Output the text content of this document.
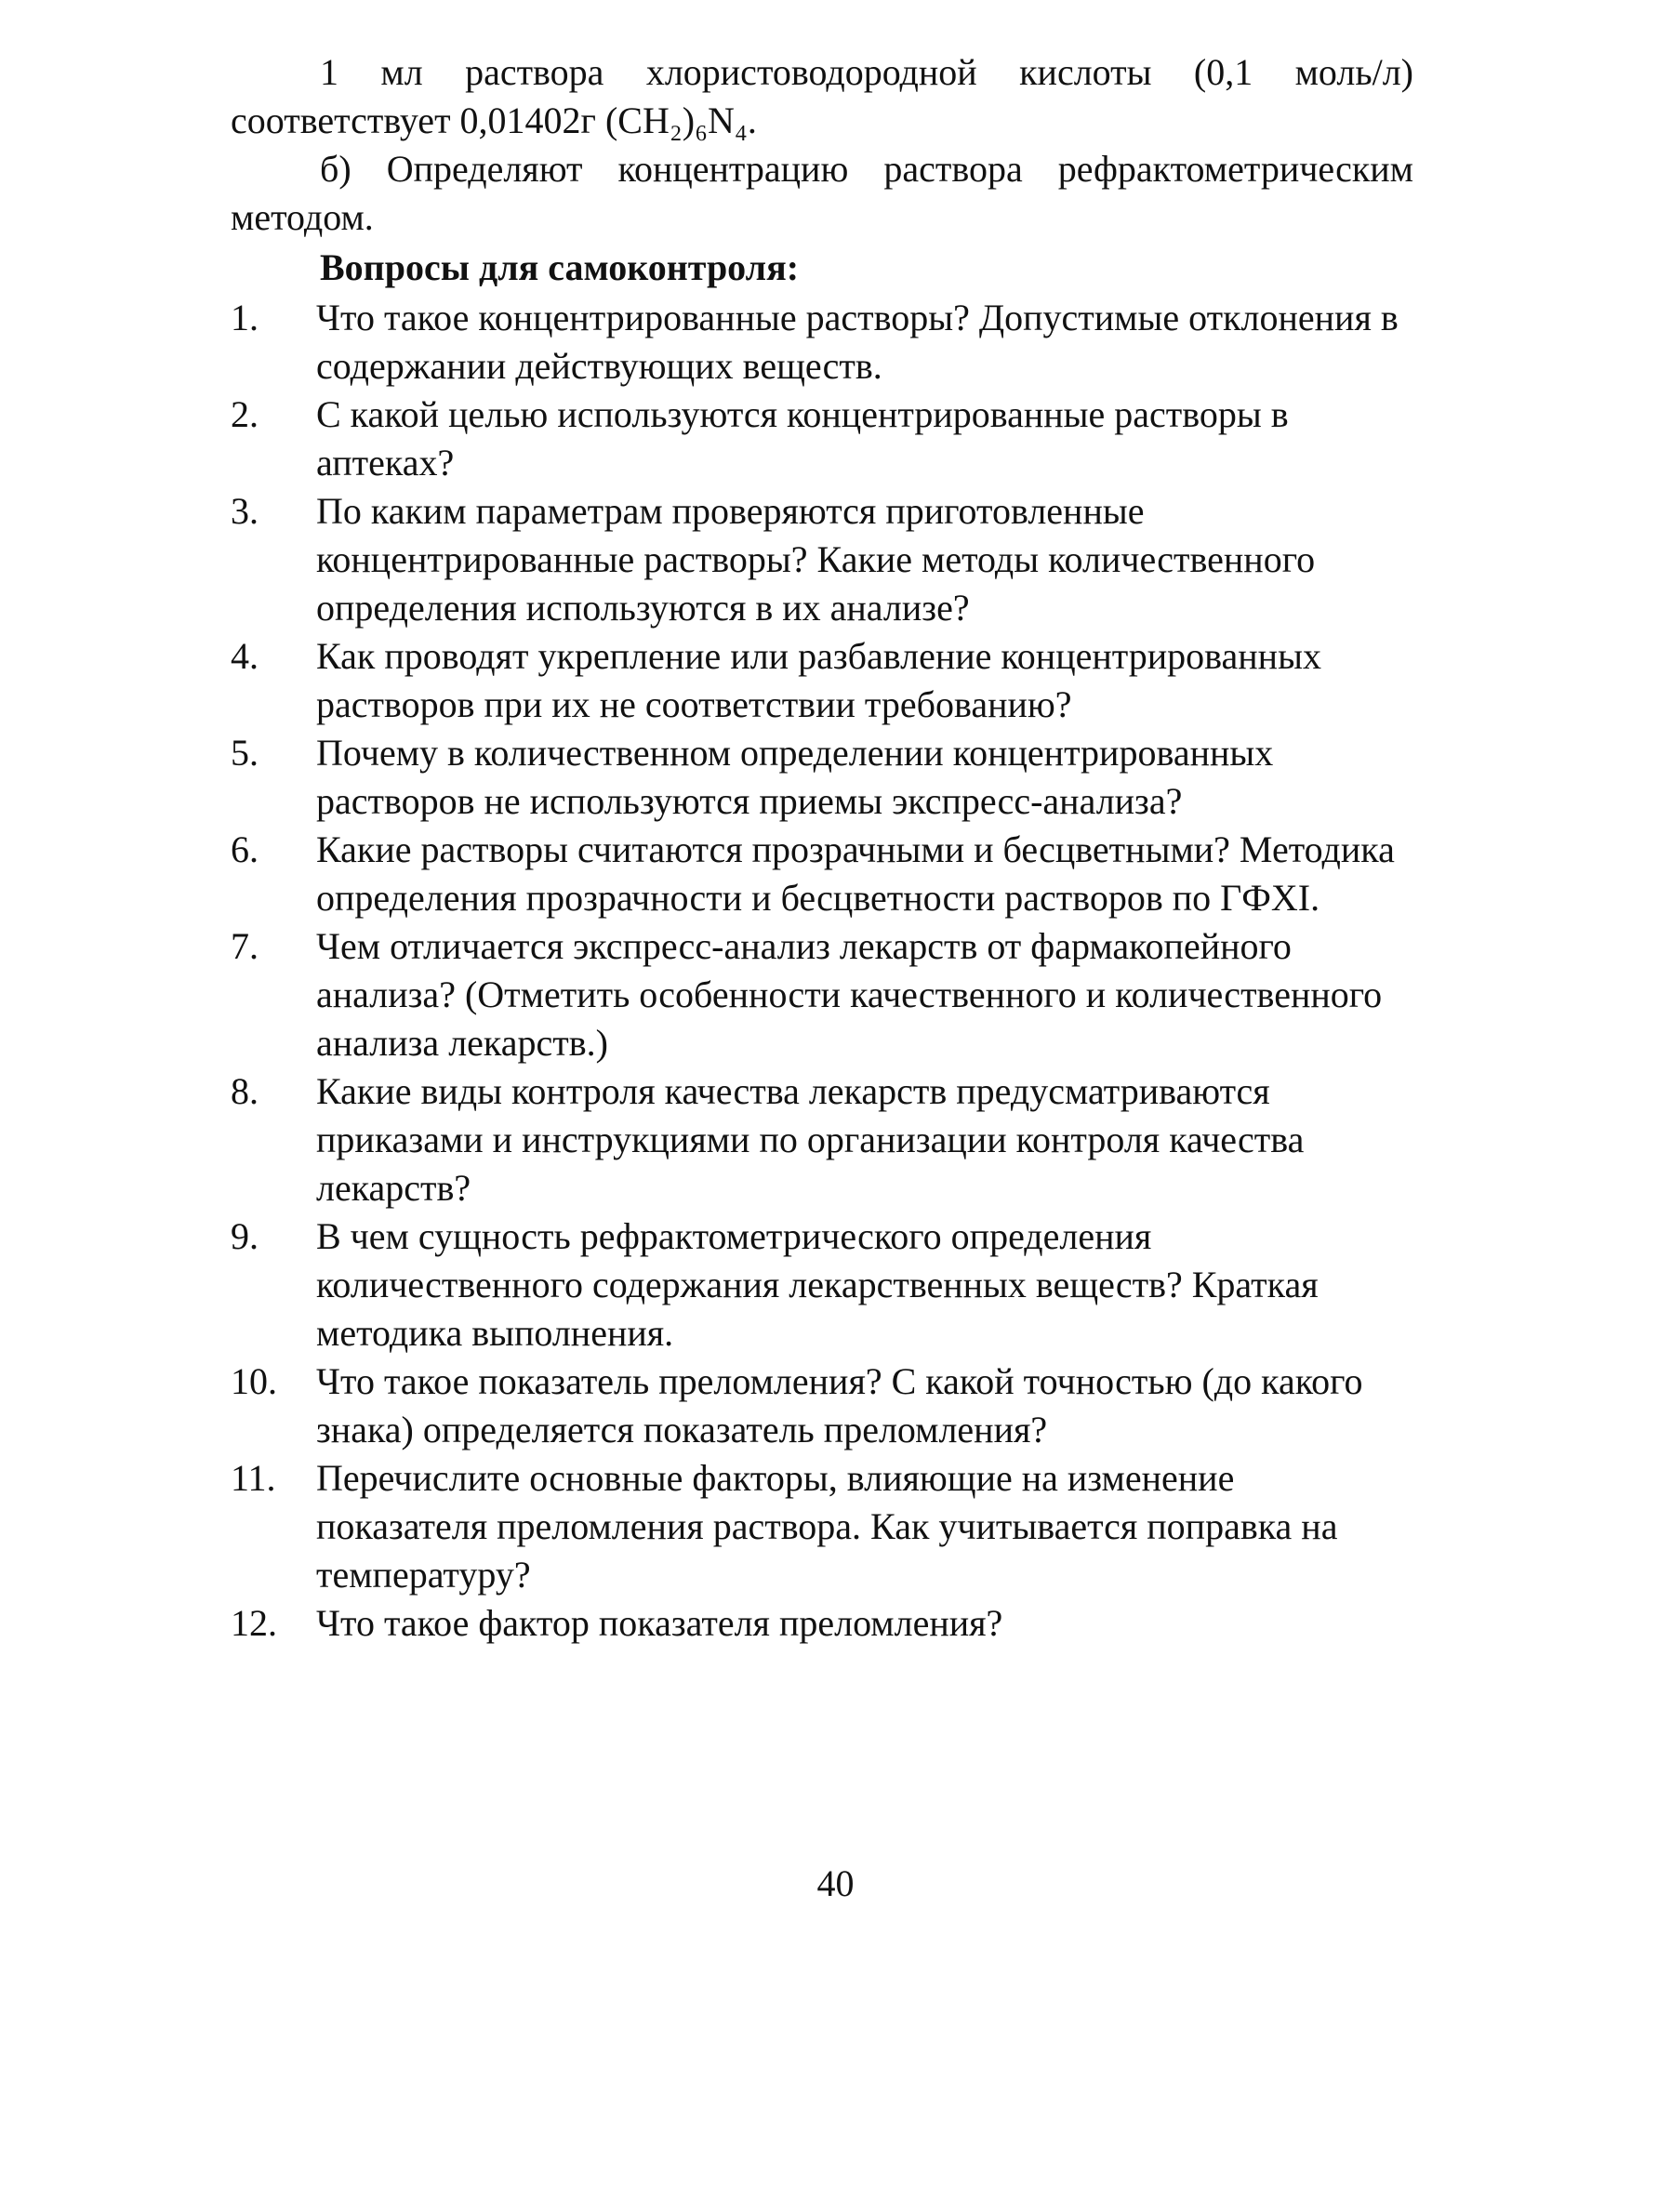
1 мл раствора хлористоводородной кислоты (0,1 моль/л) соответствует 0,01402г (CH₂)₆N₄.

б) Определяют концентрацию раствора рефрактометрическим методом.

Вопросы для самоконтроля:

1.	Что такое концентрированные растворы? Допустимые отклонения в содержании действующих веществ.
2.	С какой целью используются концентрированные растворы в аптеках?
3.	По каким параметрам проверяются приготовленные концентрированные растворы? Какие методы количественного определения используются в их анализе?
4.	Как проводят укрепление или разбавление концентрированных растворов при их не соответствии требованию?
5.	Почему в количественном определении концентрированных растворов не используются приемы экспресс-анализа?
6.	Какие растворы считаются прозрачными и бесцветными? Методика определения прозрачности и бесцветности растворов по ГФXI.
7.	Чем отличается экспресс-анализ лекарств от фармакопейного анализа? (Отметить особенности качественного и количественного анализа лекарств.)
8.	Какие виды контроля качества лекарств предусматриваются приказами и инструкциями по организации контроля качества лекарств?
9.	В чем сущность рефрактометрического определения количественного содержания лекарственных веществ? Краткая методика выполнения.
10.	Что такое показатель преломления? С какой точностью (до какого знака) определяется показатель преломления?
11.	Перечислите основные факторы, влияющие на изменение показателя преломления раствора. Как учитывается поправка на температуру?
12.	Что такое фактор показателя преломления?
40
